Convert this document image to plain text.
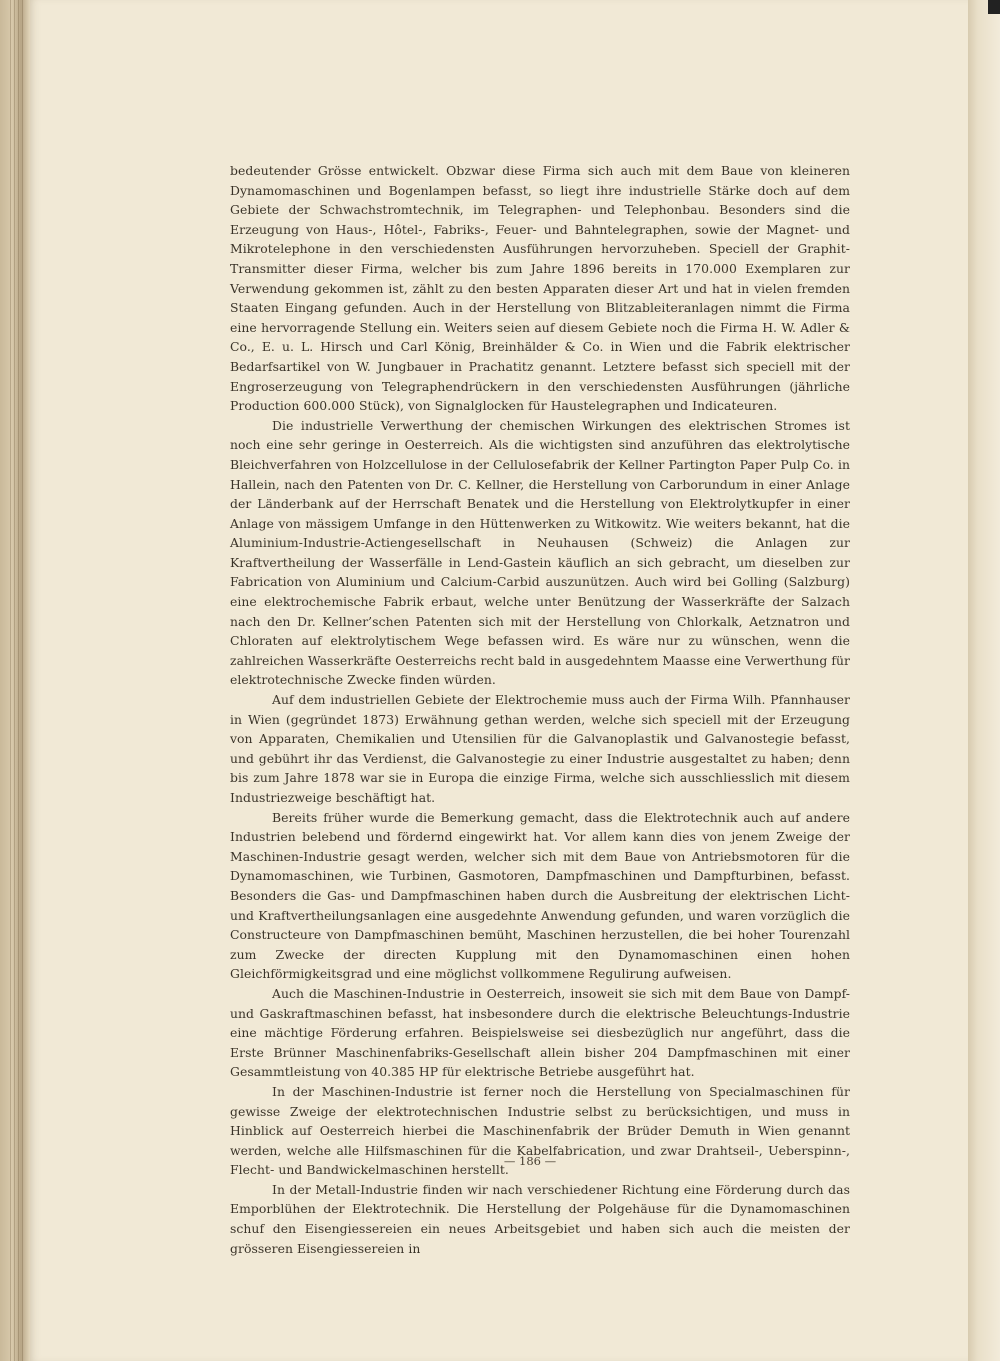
bedeutender Grösse entwickelt. Obzwar diese Firma sich auch mit dem Baue von kleineren Dynamomaschinen und Bogenlampen befasst, so liegt ihre industrielle Stärke doch auf dem Gebiete der Schwachstromtechnik, im Telegraphen- und Telephonbau. Besonders sind die Erzeugung von Haus-, Hôtel-, Fabriks-, Feuer- und Bahntelegraphen, sowie der Magnet- und Mikrotelephone in den verschiedensten Ausführungen hervorzuheben. Speciell der Graphit-Transmitter dieser Firma, welcher bis zum Jahre 1896 bereits in 170.000 Exemplaren zur Verwendung gekommen ist, zählt zu den besten Apparaten dieser Art und hat in vielen fremden Staaten Eingang gefunden. Auch in der Herstellung von Blitzableiteranlagen nimmt die Firma eine hervorragende Stellung ein. Weiters seien auf diesem Gebiete noch die Firma H. W. Adler & Co., E. u. L. Hirsch und Carl König, Breinhälder & Co. in Wien und die Fabrik elektrischer Bedarfsartikel von W. Jungbauer in Prachatitz genannt. Letztere befasst sich speciell mit der Engroserzeugung von Telegraphendrückern in den verschiedensten Ausführungen (jährliche Production 600.000 Stück), von Signalglocken für Haustelegraphen und Indicateuren.

Die industrielle Verwerthung der chemischen Wirkungen des elektrischen Stromes ist noch eine sehr geringe in Oesterreich. Als die wichtigsten sind anzuführen das elektrolytische Bleichverfahren von Holzcellulose in der Cellulosefabrik der Kellner Partington Paper Pulp Co. in Hallein, nach den Patenten von Dr. C. Kellner, die Herstellung von Carborundum in einer Anlage der Länderbank auf der Herrschaft Benatek und die Herstellung von Elektrolytkupfer in einer Anlage von mässigem Umfange in den Hüttenwerken zu Witkowitz. Wie weiters bekannt, hat die Aluminium-Industrie-Actiengesellschaft in Neuhausen (Schweiz) die Anlagen zur Kraftvertheilung der Wasserfälle in Lend-Gastein käuflich an sich gebracht, um dieselben zur Fabrication von Aluminium und Calcium-Carbid auszunützen. Auch wird bei Golling (Salzburg) eine elektrochemische Fabrik erbaut, welche unter Benützung der Wasserkräfte der Salzach nach den Dr. Kellner’schen Patenten sich mit der Herstellung von Chlorkalk, Aetznatron und Chloraten auf elektrolytischem Wege befassen wird. Es wäre nur zu wünschen, wenn die zahlreichen Wasserkräfte Oesterreichs recht bald in ausgedehntem Maasse eine Verwerthung für elektrotechnische Zwecke finden würden.

Auf dem industriellen Gebiete der Elektrochemie muss auch der Firma Wilh. Pfannhauser in Wien (gegründet 1873) Erwähnung gethan werden, welche sich speciell mit der Erzeugung von Apparaten, Chemikalien und Utensilien für die Galvanoplastik und Galvanostegie befasst, und gebührt ihr das Verdienst, die Galvanostegie zu einer Industrie ausgestaltet zu haben; denn bis zum Jahre 1878 war sie in Europa die einzige Firma, welche sich ausschliesslich mit diesem Industriezweige beschäftigt hat.

Bereits früher wurde die Bemerkung gemacht, dass die Elektrotechnik auch auf andere Industrien belebend und fördernd eingewirkt hat. Vor allem kann dies von jenem Zweige der Maschinen-Industrie gesagt werden, welcher sich mit dem Baue von Antriebsmotoren für die Dynamomaschinen, wie Turbinen, Gasmotoren, Dampfmaschinen und Dampfturbinen, befasst. Besonders die Gas- und Dampfmaschinen haben durch die Ausbreitung der elektrischen Licht- und Kraftvertheilungsanlagen eine ausgedehnte Anwendung gefunden, und waren vorzüglich die Constructeure von Dampfmaschinen bemüht, Maschinen herzustellen, die bei hoher Tourenzahl zum Zwecke der directen Kupplung mit den Dynamomaschinen einen hohen Gleichförmigkeitsgrad und eine möglichst vollkommene Regulirung aufweisen.

Auch die Maschinen-Industrie in Oesterreich, insoweit sie sich mit dem Baue von Dampf- und Gaskraftmaschinen befasst, hat insbesondere durch die elektrische Beleuchtungs-Industrie eine mächtige Förderung erfahren. Beispielsweise sei diesbezüglich nur angeführt, dass die Erste Brünner Maschinenfabriks-Gesellschaft allein bisher 204 Dampfmaschinen mit einer Gesammtleistung von 40.385 HP für elektrische Betriebe ausgeführt hat.

In der Maschinen-Industrie ist ferner noch die Herstellung von Specialmaschinen für gewisse Zweige der elektrotechnischen Industrie selbst zu berücksichtigen, und muss in Hinblick auf Oesterreich hierbei die Maschinenfabrik der Brüder Demuth in Wien genannt werden, welche alle Hilfsmaschinen für die Kabelfabrication, und zwar Drahtseil-, Ueberspinn-, Flecht- und Bandwickelmaschinen herstellt.

In der Metall-Industrie finden wir nach verschiedener Richtung eine Förderung durch das Emporblühen der Elektrotechnik. Die Herstellung der Polgehäuse für die Dynamomaschinen schuf den Eisengiessereien ein neues Arbeitsgebiet und haben sich auch die meisten der grösseren Eisengiessereien in

— 186 —
